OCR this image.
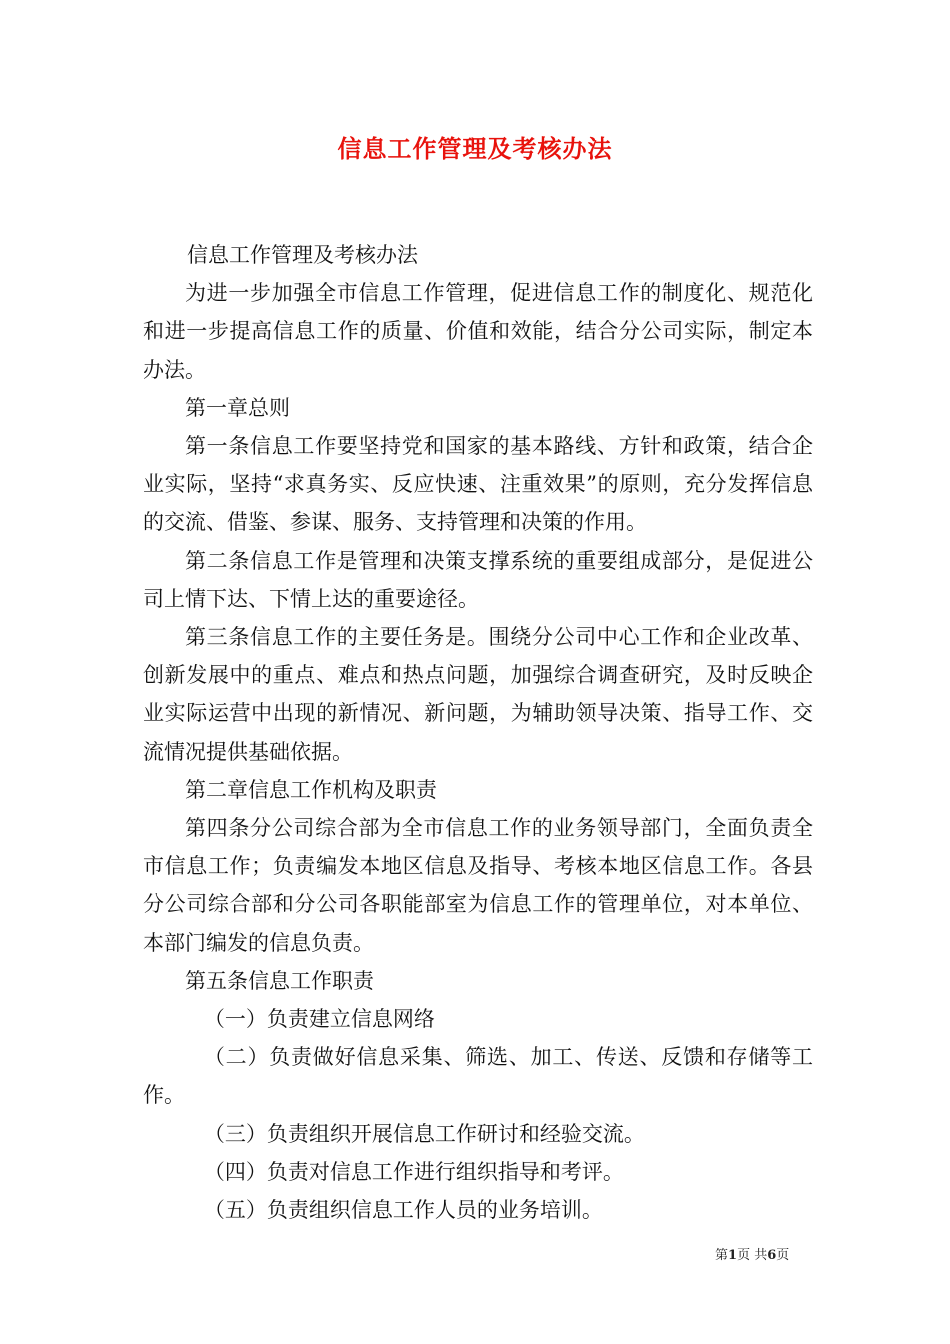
信息工作管理及考核办法

信息工作管理及考核办法

为进一步加强全市信息工作管理，促进信息工作的制度化、规范化和进一步提高信息工作的质量、价值和效能，结合分公司实际，制定本办法。

第一章总则

第一条信息工作要坚持党和国家的基本路线、方针和政策，结合企业实际，坚持“求真务实、反应快速、注重效果”的原则，充分发挥信息的交流、借鉴、参谋、服务、支持管理和决策的作用。

第二条信息工作是管理和决策支撑系统的重要组成部分，是促进公司上情下达、下情上达的重要途径。

第三条信息工作的主要任务是。围绕分公司中心工作和企业改革、创新发展中的重点、难点和热点问题，加强综合调查研究，及时反映企业实际运营中出现的新情况、新问题，为辅助领导决策、指导工作、交流情况提供基础依据。

第二章信息工作机构及职责

第四条分公司综合部为全市信息工作的业务领导部门，全面负责全市信息工作；负责编发本地区信息及指导、考核本地区信息工作。各县分公司综合部和分公司各职能部室为信息工作的管理单位，对本单位、本部门编发的信息负责。

第五条信息工作职责

（一）负责建立信息网络

（二）负责做好信息采集、筛选、加工、传送、反馈和存储等工作。

（三）负责组织开展信息工作研讨和经验交流。

（四）负责对信息工作进行组织指导和考评。

（五）负责组织信息工作人员的业务培训。

第1页 共6页
